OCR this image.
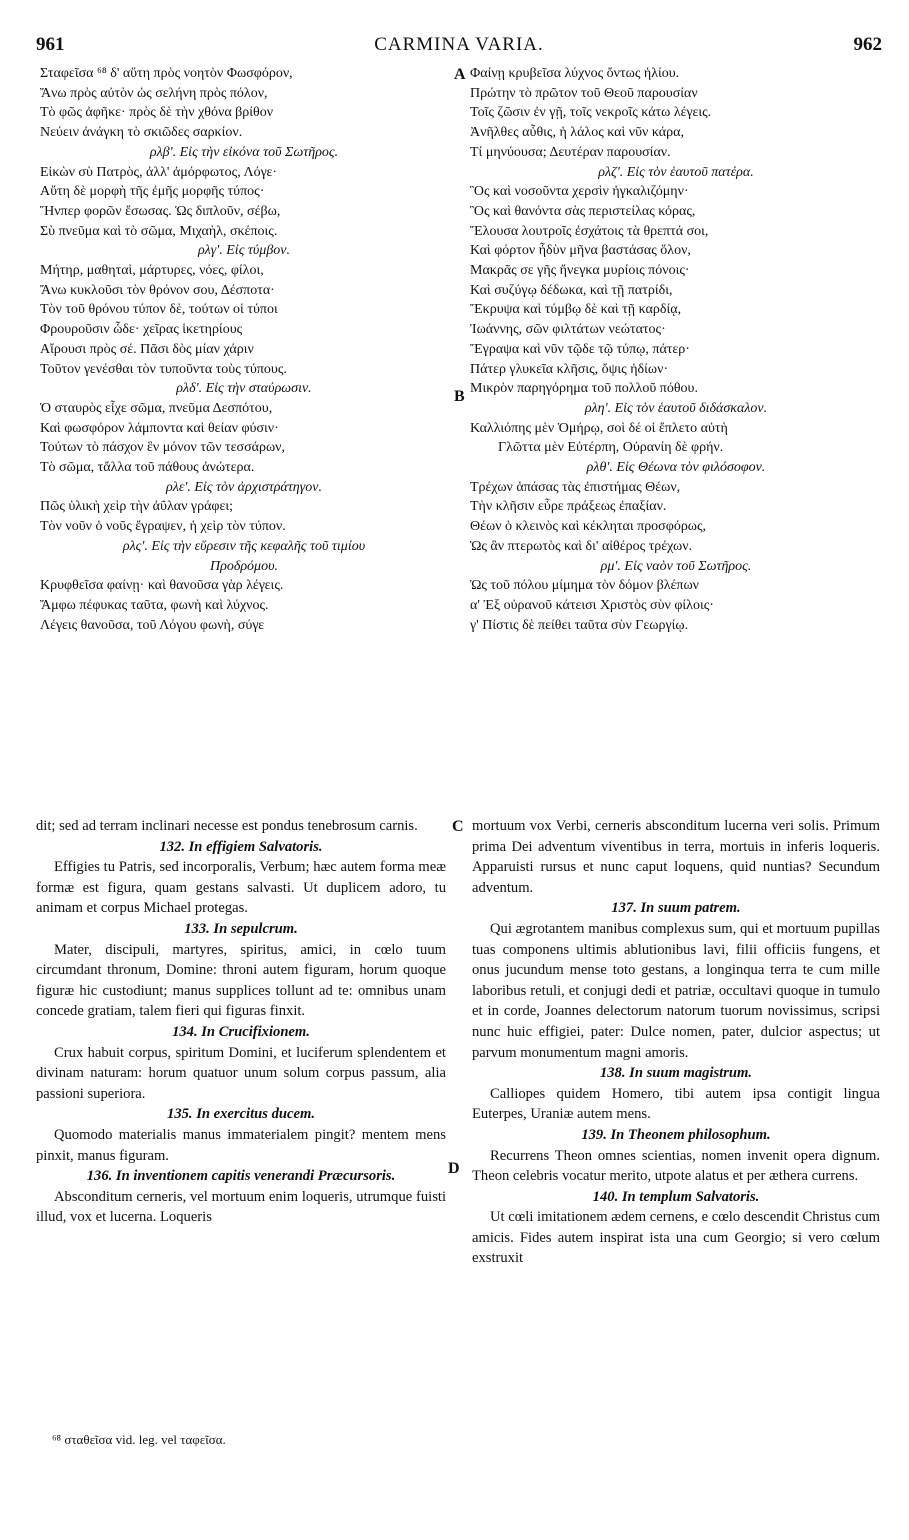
961	CARMINA VARIA.	962
Σταφεῖσα ⁶⁸ δ' αὕτη πρὸς νοητὸν Φωσφόρον,
Ἄνω πρὸς αὐτὸν ὡς σελήνη πρὸς πόλον,
Τὸ φῶς ἀφῆκε· πρὸς δὲ τὴν χθόνα βρίθον
Νεύειν ἀνάγκη τὸ σκιῶδες σαρκίον.
ρλβ'. Εἰς τὴν εἰκόνα τοῦ Σωτῆρος.
Εἰκὼν σὺ Πατρὸς, ἀλλ' ἀμόρφωτος, Λόγε·
Αὕτη δὲ μορφὴ τῆς ἐμῆς μορφῆς τύπος·
Ἥνπερ φορῶν ἔσωσας. Ὡς διπλοῦν, σέβω,
Σὺ πνεῦμα καὶ τὸ σῶμα, Μιχαὴλ, σκέποις.
ρλγ'. Εἰς τύμβον.
Μήτηρ, μαθηταὶ, μάρτυρες, νόες, φίλοι,
Ἄνω κυκλοῦσι τὸν θρόνον σου, Δέσποτα·
Τὸν τοῦ θρόνου τύπον δὲ, τούτων οἱ τύποι
Φρουροῦσιν ὧδε· χεῖρας ἱκετηρίους
Αἴρουσι πρὸς σέ. Πᾶσι δὸς μίαν χάριν
Τοῦτον γενέσθαι τὸν τυποῦντα τοὺς τύπους.
ρλδ'. Εἰς τὴν σταύρωσιν.
Ὁ σταυρὸς εἶχε σῶμα, πνεῦμα Δεσπότου,
Καὶ φωσφόρον λάμποντα καὶ θείαν φύσιν·
Τούτων τὸ πάσχον ἓν μόνον τῶν τεσσάρων,
Τὸ σῶμα, τἄλλα τοῦ πάθους ἀνώτερα.
ρλε'. Εἰς τὸν ἀρχιστράτηγον.
Πῶς ὑλικὴ χεὶρ τὴν ἀΰλαν γράφει;
Τὸν νοῦν ὁ νοῦς ἔγραψεν, ἡ χεὶρ τὸν τύπον.
ρλς'. Εἰς τὴν εὕρεσιν τῆς κεφαλῆς τοῦ τιμίου
Προδρόμου.
Κρυφθεῖσα φαίνῃ· καὶ θανοῦσα γὰρ λέγεις.
Ἄμφω πέφυκας ταῦτα, φωνὴ καὶ λύχνος.
Λέγεις θανοῦσα, τοῦ Λόγου φωνὴ, σύγε
Φαίνῃ κρυβεῖσα λύχνος ὄντως ἡλίου.
Πρώτην τὸ πρῶτον τοῦ Θεοῦ παρουσίαν
Τοῖς ζῶσιν ἐν γῇ, τοῖς νεκροῖς κάτω λέγεις.
Ἀνῆλθες αὖθις, ἡ λάλος καὶ νῦν κάρα,
Τί μηνύουσα; Δευτέραν παρουσίαν.
ρλζ'. Εἰς τὸν ἑαυτοῦ πατέρα.
Ὃς καὶ νοσοῦντα χερσὶν ἠγκαλιζόμην·
Ὃς καὶ θανόντα σὰς περιστείλας κόρας,
Ἔλουσα λουτροῖς ἐσχάτοις τὰ θρεπτά σοι,
Καὶ φόρτον ἦδὺν μῆνα βαστάσας ὅλον,
Μακρᾶς σε γῆς ἤνεγκα μυρίοις πόνοις·
Καὶ συζύγῳ δέδωκα, καὶ τῇ πατρίδι,
Ἔκρυψα καὶ τύμβῳ δὲ καὶ τῇ καρδίᾳ,
Ἰωάννης, σῶν φιλτάτων νεώτατος·
Ἔγραψα καὶ νῦν τῷδε τῷ τύπῳ, πάτερ·
Πάτερ γλυκεῖα κλῆσις, ὄψις ἡδίων·
Μικρὸν παρηγόρημα τοῦ πολλοῦ πόθου.
ρλη'. Εἰς τὸν ἑαυτοῦ διδάσκαλον.
Καλλιόπης μὲν Ὁμήρῳ, σοὶ δέ οἱ ἔπλετο αὐτὴ
Γλῶττα μὲν Εὐτέρπη, Οὐρανίη δὲ φρήν.
ρλθ'. Εἰς Θέωνα τὸν φιλόσοφον.
Τρέχων ἁπάσας τὰς ἐπιστήμας Θέων,
Τὴν κλῆσιν εὗρε πράξεως ἐπαξίαν.
Θέων ὁ κλεινὸς καὶ κέκληται προσφόρως,
Ὡς ἂν πτερωτὸς καὶ δι' αἰθέρος τρέχων.
ρμ'. Εἰς ναὸν τοῦ Σωτῆρος.
Ὡς τοῦ πόλου μίμημα τὸν δόμον βλέπων
α' Ἐξ οὐρανοῦ κάτεισι Χριστὸς σὺν φίλοις·
γ' Πίστις δὲ πείθει ταῦτα σὺν Γεωργίῳ.
A
B
C
D

dit; sed ad terram inclinari necesse est pondus tenebrosum carnis.

132. In effigiem Salvatoris.

Effigies tu Patris, sed incorporalis, Verbum; hæc autem forma meæ formæ est figura, quam gestans salvasti. Ut duplicem adoro, tu animam et corpus Michael protegas.

133. In sepulcrum.

Mater, discipuli, martyres, spiritus, amici, in cœlo tuum circumdant thronum, Domine: throni autem figuram, horum quoque figuræ hic custodiunt; manus supplices tollunt ad te: omnibus unam concede gratiam, talem fieri qui figuras finxit.

134. In Crucifixionem.

Crux habuit corpus, spiritum Domini, et luciferum splendentem et divinam naturam: horum quatuor unum solum corpus passum, alia passioni superiora.

135. In exercitus ducem.

Quomodo materialis manus immaterialem pingit? mentem mens pinxit, manus figuram.

136. In inventionem capitis venerandi Præcursoris.

Absconditum cerneris, vel mortuum enim loqueris, utrumque fuisti illud, vox et lucerna. Loqueris

mortuum vox Verbi, cerneris absconditum lucerna veri solis. Primum prima Dei adventum viventibus in terra, mortuis in inferis loqueris. Apparuisti rursus et nunc caput loquens, quid nuntias? Secundum adventum.

137. In suum patrem.

Qui ægrotantem manibus complexus sum, qui et mortuum pupillas tuas componens ultimis ablutionibus lavi, filii officiis fungens, et onus jucundum mense toto gestans, a longinqua terra te cum mille laboribus retuli, et conjugi dedi et patriæ, occultavi quoque in tumulo et in corde, Joannes delectorum natorum tuorum novissimus, scripsi nunc huic effigiei, pater: Dulce nomen, pater, dulcior aspectus; ut parvum monumentum magni amoris.

138. In suum magistrum.

Calliopes quidem Homero, tibi autem ipsa contigit lingua Euterpes, Uraniæ autem mens.

139. In Theonem philosophum.

Recurrens Theon omnes scientias, nomen invenit opera dignum. Theon celebris vocatur merito, utpote alatus et per æthera currens.

140. In templum Salvatoris.

Ut cœli imitationem ædem cernens, e cœlo descendit Christus cum amicis. Fides autem inspirat ista una cum Georgio; si vero cœlum exstruxit

⁶⁸ σταθεῖσα vid. leg. vel ταφεῖσα.
